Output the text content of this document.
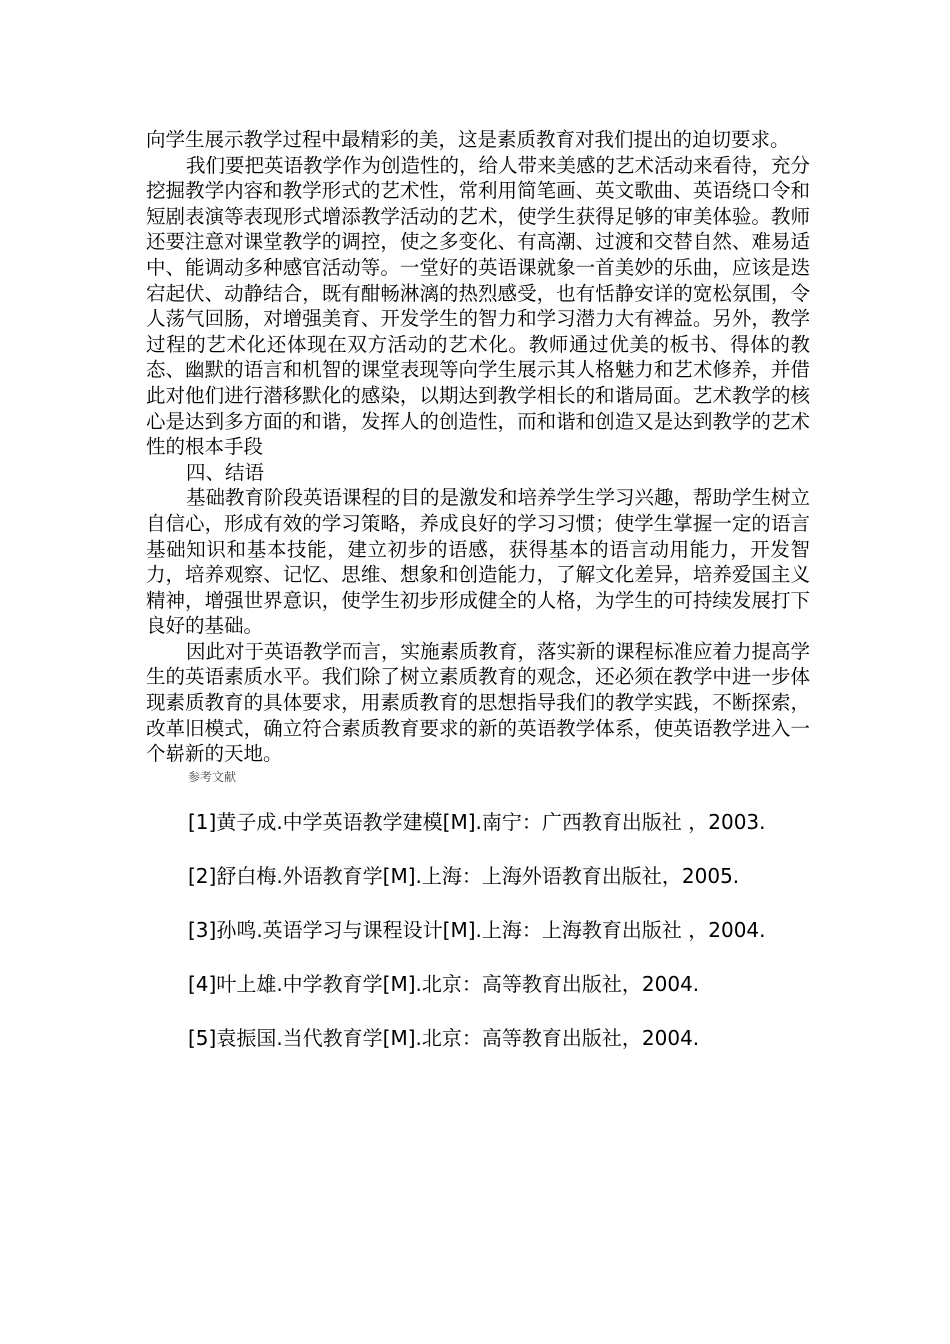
向学生展示教学过程中最精彩的美，这是素质教育对我们提出的迫切要求。

我们要把英语教学作为创造性的，给人带来美感的艺术活动来看待，充分挖掘教学内容和教学形式的艺术性，常利用简笔画、英文歌曲、英语绕口令和短剧表演等表现形式增添教学活动的艺术，使学生获得足够的审美体验。教师还要注意对课堂教学的调控，使之多变化、有高潮、过渡和交替自然、难易适中、能调动多种感官活动等。一堂好的英语课就象一首美妙的乐曲，应该是迭宕起伏、动静结合，既有酣畅淋漓的热烈感受，也有恬静安详的宽松氛围，令人荡气回肠，对增强美育、开发学生的智力和学习潜力大有裨益。另外，教学过程的艺术化还体现在双方活动的艺术化。教师通过优美的板书、得体的教态、幽默的语言和机智的课堂表现等向学生展示其人格魅力和艺术修养，并借此对他们进行潜移默化的感染，以期达到教学相长的和谐局面。艺术教学的核心是达到多方面的和谐，发挥人的创造性，而和谐和创造又是达到教学的艺术性的根本手段

四、结语

基础教育阶段英语课程的目的是激发和培养学生学习兴趣，帮助学生树立自信心，形成有效的学习策略，养成良好的学习习惯；使学生掌握一定的语言基础知识和基本技能，建立初步的语感，获得基本的语言动用能力，开发智力，培养观察、记忆、思维、想象和创造能力，了解文化差异，培养爱国主义精神，增强世界意识，使学生初步形成健全的人格，为学生的可持续发展打下良好的基础。

因此对于英语教学而言，实施素质教育，落实新的课程标准应着力提高学生的英语素质水平。我们除了树立素质教育的观念，还必须在教学中进一步体现素质教育的具体要求，用素质教育的思想指导我们的教学实践，不断探索，改革旧模式，确立符合素质教育要求的新的英语教学体系，使英语教学进入一个崭新的天地。

参考文献

[1]黄子成.中学英语教学建模[M].南宁：广西教育出版社 ，2003.

[2]舒白梅.外语教育学[M].上海：上海外语教育出版社，2005.

[3]孙鸣.英语学习与课程设计[M].上海：上海教育出版社 ，2004.

[4]叶上雄.中学教育学[M].北京：高等教育出版社，2004.

[5]袁振国.当代教育学[M].北京：高等教育出版社，2004.
